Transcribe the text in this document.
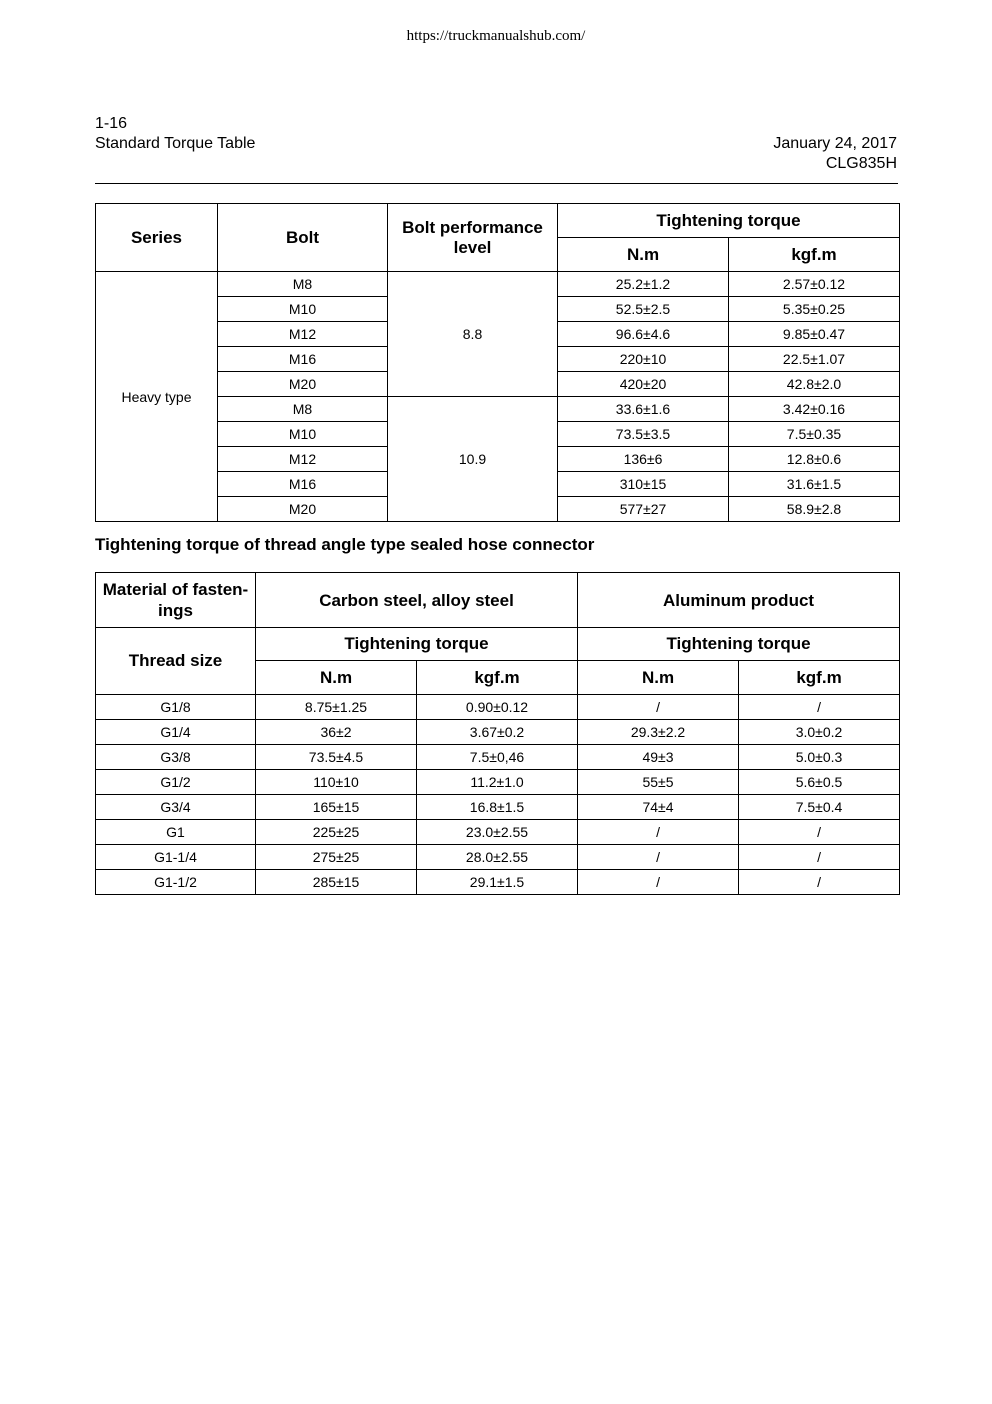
https://truckmanualshub.com/
1-16
Standard Torque Table	January 24, 2017
CLG835H
Series	Bolt	Bolt performance level	Tightening torque	
			N.m	kgf.m
Heavy type	M8	8.8	25.2±1.2	2.57±0.12
	M10		52.5±2.5	5.35±0.25
	M12		96.6±4.6	9.85±0.47
	M16		220±10	22.5±1.07
	M20		420±20	42.8±2.0
	M8	10.9	33.6±1.6	3.42±0.16
	M10		73.5±3.5	7.5±0.35
	M12		136±6	12.8±0.6
	M16		310±15	31.6±1.5
	M20		577±27	58.9±2.8
Tightening torque of thread angle type sealed hose connector
Material of fasten-ings	Carbon steel, alloy steel		Aluminum product	
Thread size	Tightening torque		Tightening torque	
	N.m	kgf.m	N.m	kgf.m
G1/8	8.75±1.25	0.90±0.12	/	/
G1/4	36±2	3.67±0.2	29.3±2.2	3.0±0.2
G3/8	73.5±4.5	7.5±0,46	49±3	5.0±0.3
G1/2	110±10	11.2±1.0	55±5	5.6±0.5
G3/4	165±15	16.8±1.5	74±4	7.5±0.4
G1	225±25	23.0±2.55	/	/
G1-1/4	275±25	28.0±2.55	/	/
G1-1/2	285±15	29.1±1.5	/	/
